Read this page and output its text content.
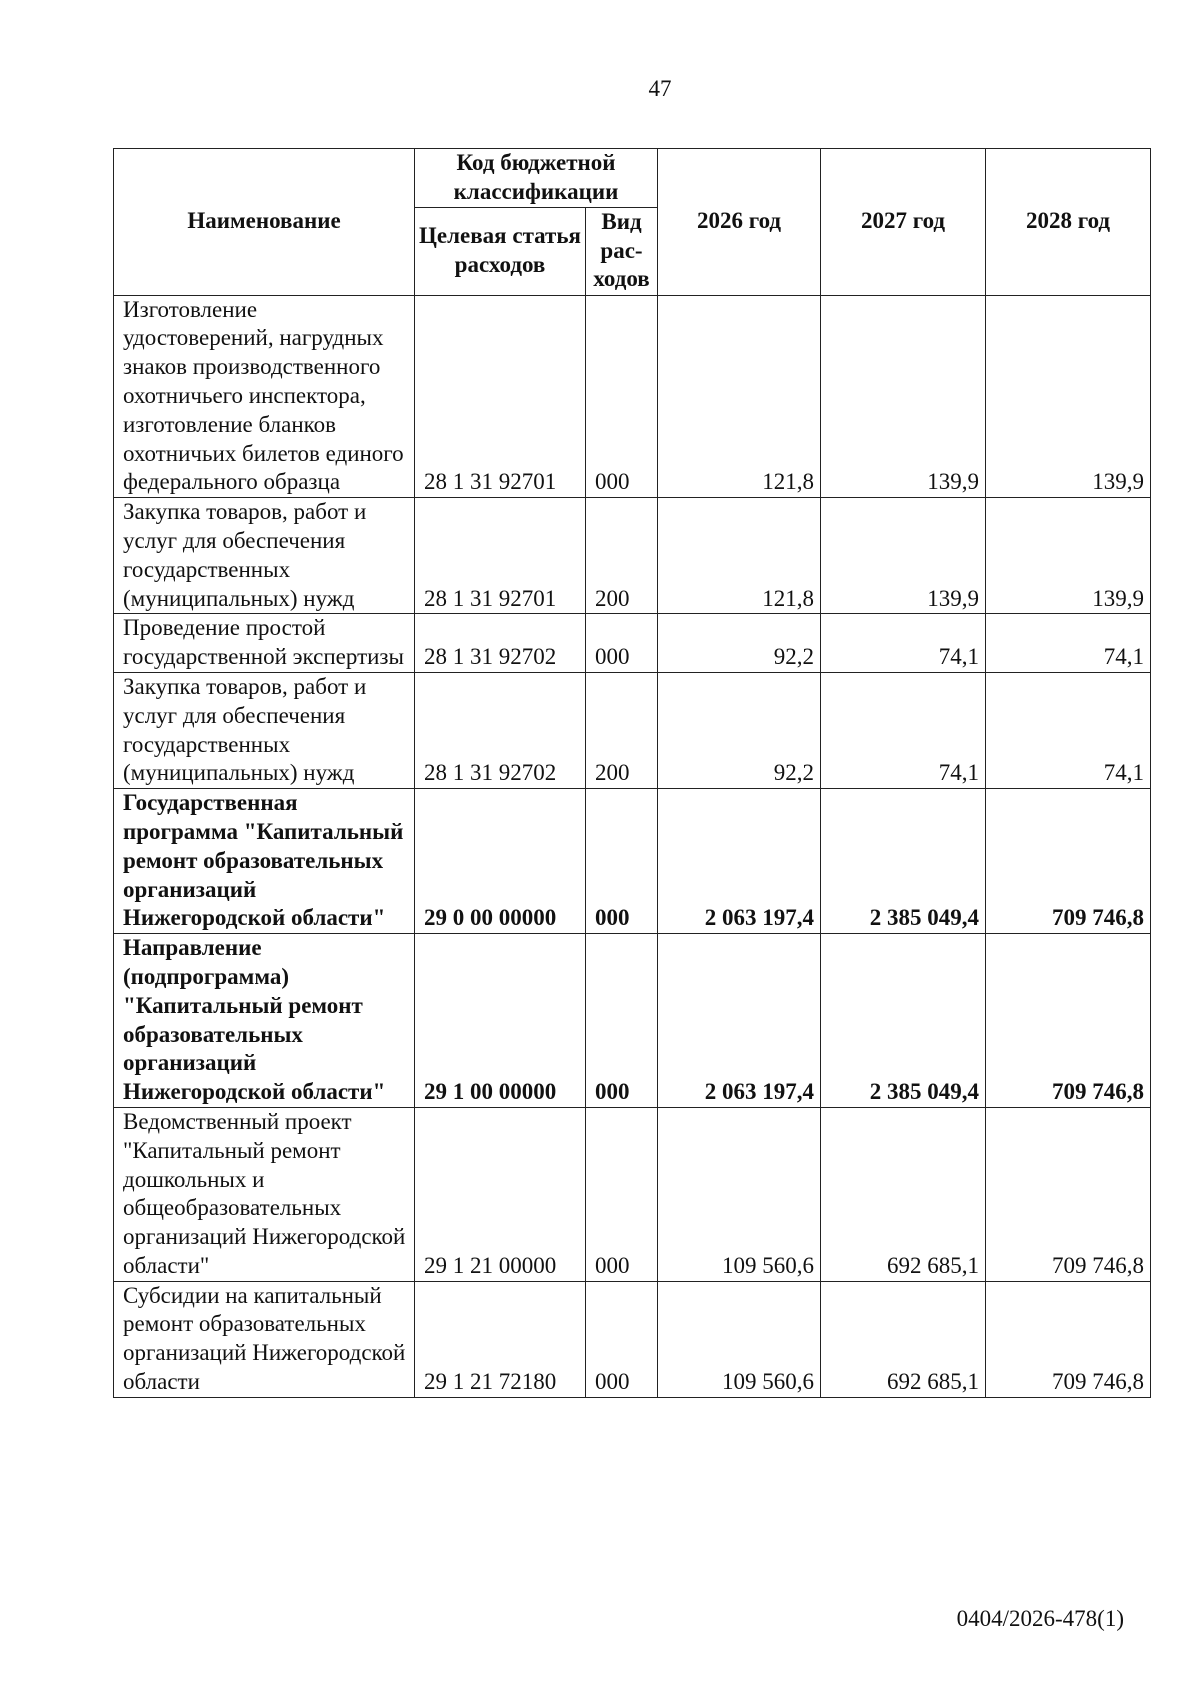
47
Наименование	Код бюджетной классификации		2026 год	2027 год	2028 год
	Целевая статья расходов	Вид рас-ходов			
Изготовление удостоверений, нагрудных знаков производственного охотничьего инспектора, изготовление бланков охотничьих билетов единого федерального образца	28 1 31 92701	000	121,8	139,9	139,9
Закупка товаров, работ и услуг для обеспечения государственных (муниципальных) нужд	28 1 31 92701	200	121,8	139,9	139,9
Проведение простой государственной экспертизы	28 1 31 92702	000	92,2	74,1	74,1
Закупка товаров, работ и услуг для обеспечения государственных (муниципальных) нужд	28 1 31 92702	200	92,2	74,1	74,1
Государственная программа "Капитальный ремонт образовательных организаций Нижегородской области"	29 0 00 00000	000	2 063 197,4	2 385 049,4	709 746,8
Направление (подпрограмма) "Капитальный ремонт образовательных организаций Нижегородской области"	29 1 00 00000	000	2 063 197,4	2 385 049,4	709 746,8
Ведомственный проект "Капитальный ремонт дошкольных и общеобразовательных организаций Нижегородской области"	29 1 21 00000	000	109 560,6	692 685,1	709 746,8
Субсидии на капитальный ремонт образовательных организаций Нижегородской области	29 1 21 72180	000	109 560,6	692 685,1	709 746,8
0404/2026-478(1)
